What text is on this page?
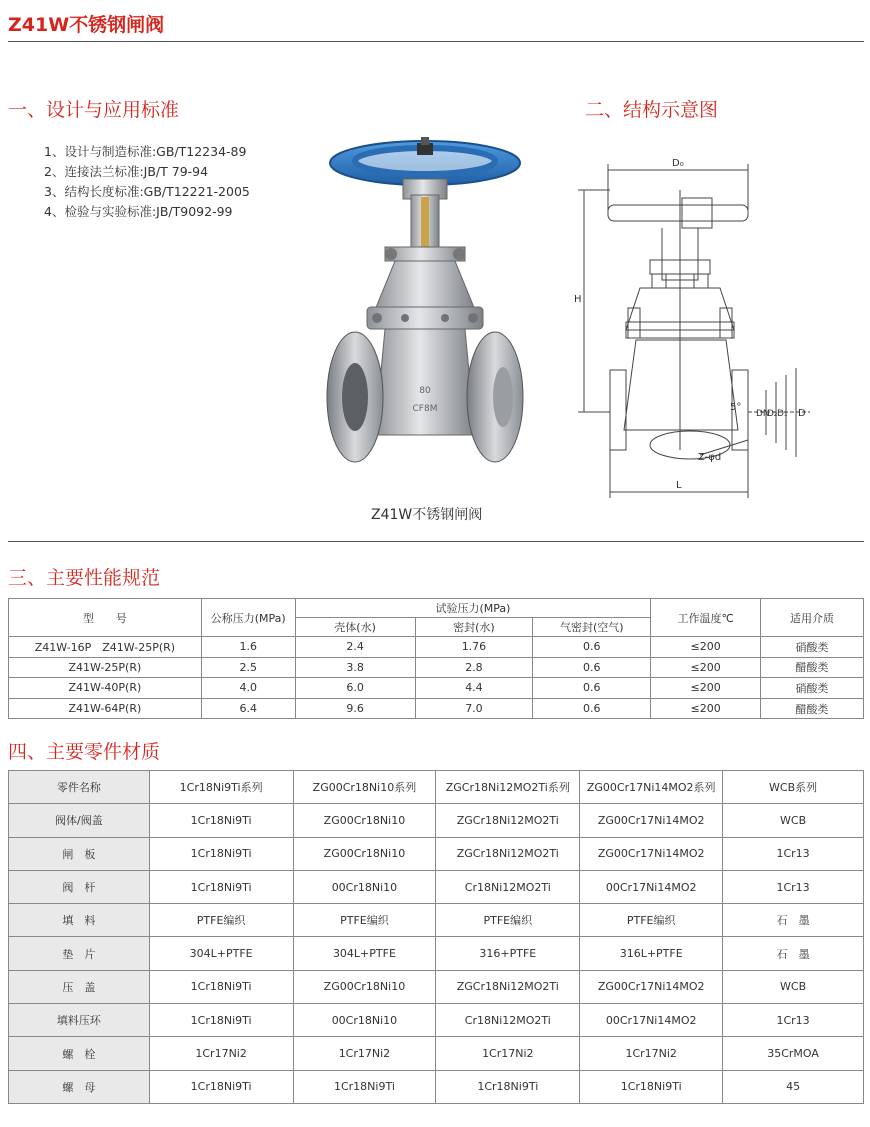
Z41W不锈钢闸阀
一、设计与应用标准
1、设计与制造标准:GB/T12234-89
2、连接法兰标准:JB/T 79-94
3、结构长度标准:GB/T12221-2005
4、检验与实验标准:JB/T9092-99
80
CF8M
Z41W不锈钢闸阀
二、结构示意图
D₀
H
5°
DN
D₂ D₁ D
Z-φd
L
三、主要性能规范
型　　号	公称压力(MPa)	试验压力(MPa)			工作温度℃	适用介质
		壳体(水)	密封(水)	气密封(空气)		
Z41W-16P　Z41W-25P(R)	1.6	2.4	1.76	0.6	≤200	硝酸类
Z41W-25P(R)	2.5	3.8	2.8	0.6	≤200	醋酸类
Z41W-40P(R)	4.0	6.0	4.4	0.6	≤200	硝酸类
Z41W-64P(R)	6.4	9.6	7.0	0.6	≤200	醋酸类
四、主要零件材质
零件名称	1Cr18Ni9Ti系列	ZG00Cr18Ni10系列	ZGCr18Ni12MO2Ti系列	ZG00Cr17Ni14MO2系列	WCB系列
阀体/阀盖	1Cr18Ni9Ti	ZG00Cr18Ni10	ZGCr18Ni12MO2Ti	ZG00Cr17Ni14MO2	WCB
闸　板	1Cr18Ni9Ti	ZG00Cr18Ni10	ZGCr18Ni12MO2Ti	ZG00Cr17Ni14MO2	1Cr13
阀　杆	1Cr18Ni9Ti	00Cr18Ni10	Cr18Ni12MO2Ti	00Cr17Ni14MO2	1Cr13
填　料	PTFE编织	PTFE编织	PTFE编织	PTFE编织	石　墨
垫　片	304L+PTFE	304L+PTFE	316+PTFE	316L+PTFE	石　墨
压　盖	1Cr18Ni9Ti	ZG00Cr18Ni10	ZGCr18Ni12MO2Ti	ZG00Cr17Ni14MO2	WCB
填料压环	1Cr18Ni9Ti	00Cr18Ni10	Cr18Ni12MO2Ti	00Cr17Ni14MO2	1Cr13
螺　栓	1Cr17Ni2	1Cr17Ni2	1Cr17Ni2	1Cr17Ni2	35CrMOA
螺　母	1Cr18Ni9Ti	1Cr18Ni9Ti	1Cr18Ni9Ti	1Cr18Ni9Ti	45
